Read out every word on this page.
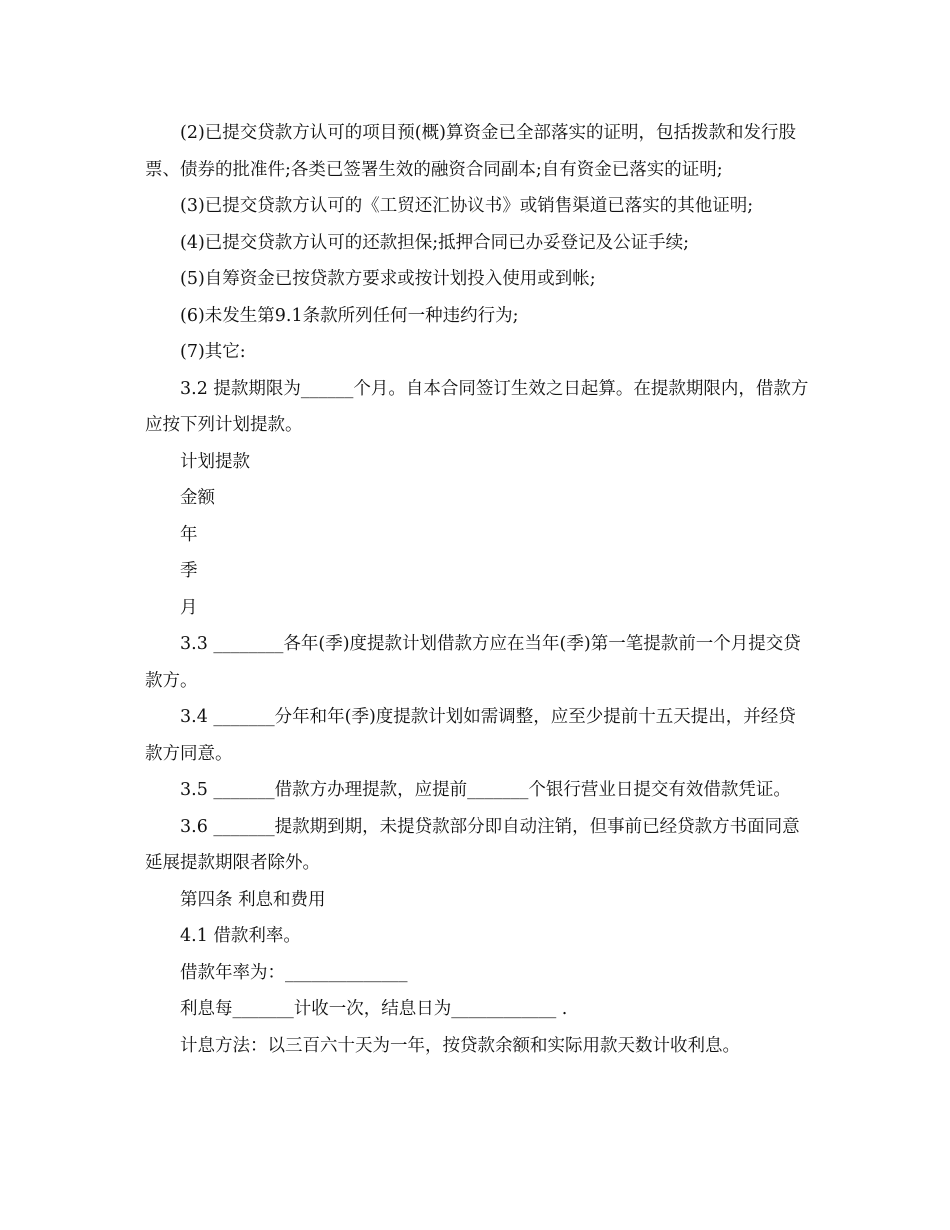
(2)已提交贷款方认可的项目预(概)算资金已全部落实的证明，包括拨款和发行股票、债券的批准件;各类已签署生效的融资合同副本;自有资金已落实的证明;

(3)已提交贷款方认可的《工贸还汇协议书》或销售渠道已落实的其他证明;

(4)已提交贷款方认可的还款担保;抵押合同已办妥登记及公证手续;

(5)自筹资金已按贷款方要求或按计划投入使用或到帐;

(6)未发生第9.1条款所列任何一种违约行为;

(7)其它:

3.2 提款期限为______个月。自本合同签订生效之日起算。在提款期限内，借款方应按下列计划提款。

计划提款

金额

年

季

月

3.3 ________各年(季)度提款计划借款方应在当年(季)第一笔提款前一个月提交贷款方。

3.4 _______分年和年(季)度提款计划如需调整，应至少提前十五天提出，并经贷款方同意。

3.5 _______借款方办理提款，应提前_______个银行营业日提交有效借款凭证。

3.6 _______提款期到期，未提贷款部分即自动注销，但事前已经贷款方书面同意延展提款期限者除外。

第四条 利息和费用

4.1 借款利率。

借款年率为：______________

利息每_______计收一次，结息日为____________ .

计息方法：以三百六十天为一年，按贷款余额和实际用款天数计收利息。
